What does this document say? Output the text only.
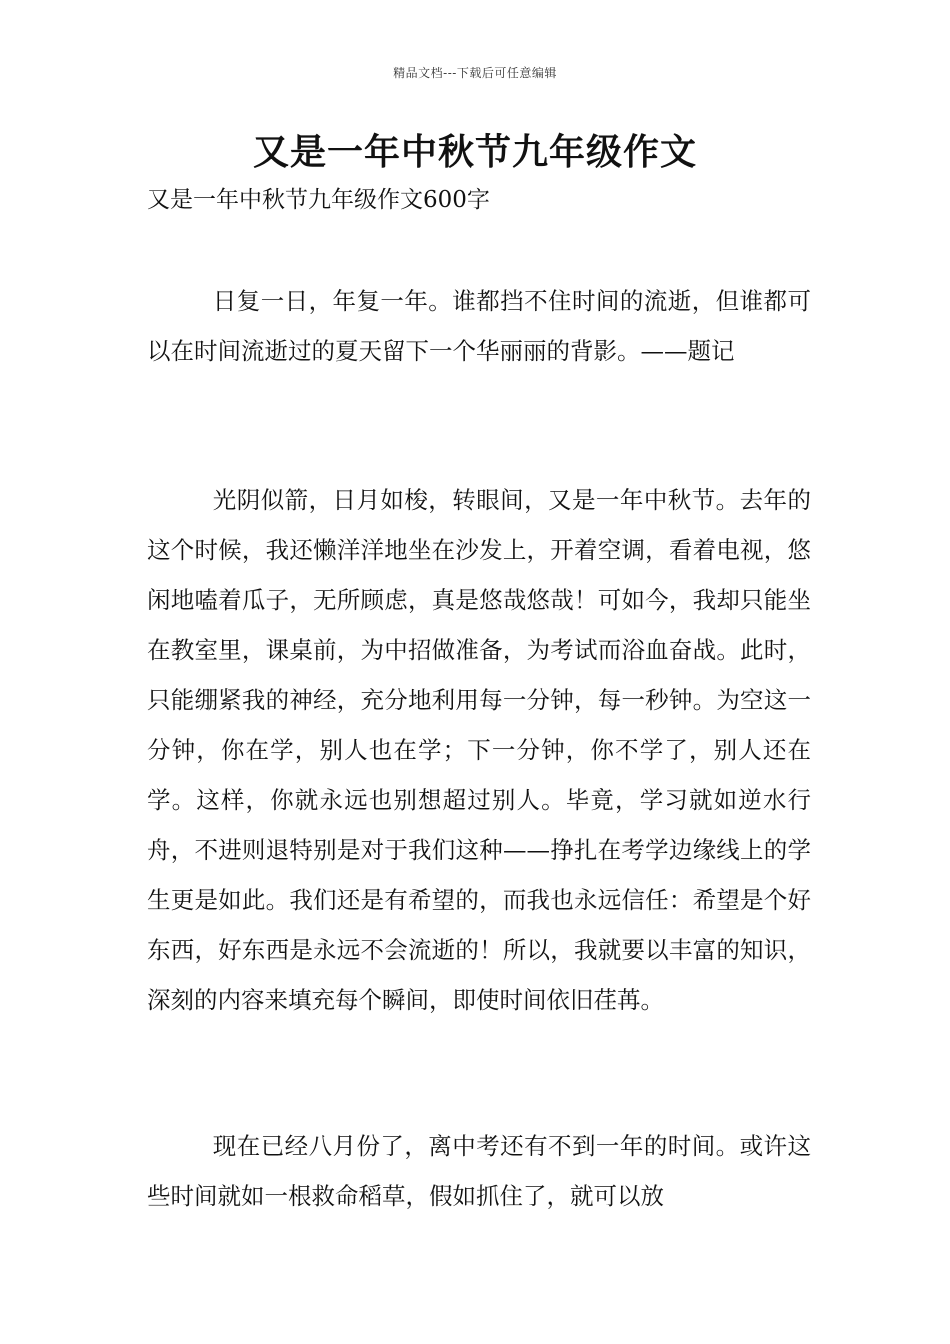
精品文档---下载后可任意编辑
又是一年中秋节九年级作文

又是一年中秋节九年级作文600字

日复一日，年复一年。谁都挡不住时间的流逝，但谁都可以在时间流逝过的夏天留下一个华丽丽的背影。——题记

光阴似箭，日月如梭，转眼间，又是一年中秋节。去年的这个时候，我还懒洋洋地坐在沙发上，开着空调，看着电视，悠闲地嗑着瓜子，无所顾虑，真是悠哉悠哉！可如今，我却只能坐在教室里，课桌前，为中招做准备，为考试而浴血奋战。此时，只能绷紧我的神经，充分地利用每一分钟，每一秒钟。为空这一分钟，你在学，别人也在学；下一分钟，你不学了，别人还在学。这样，你就永远也别想超过别人。毕竟，学习就如逆水行舟，不进则退特别是对于我们这种——挣扎在考学边缘线上的学生更是如此。我们还是有希望的，而我也永远信任：希望是个好东西，好东西是永远不会流逝的！所以，我就要以丰富的知识，深刻的内容来填充每个瞬间，即使时间依旧荏苒。

现在已经八月份了，离中考还有不到一年的时间。或许这些时间就如一根救命稻草，假如抓住了，就可以放
